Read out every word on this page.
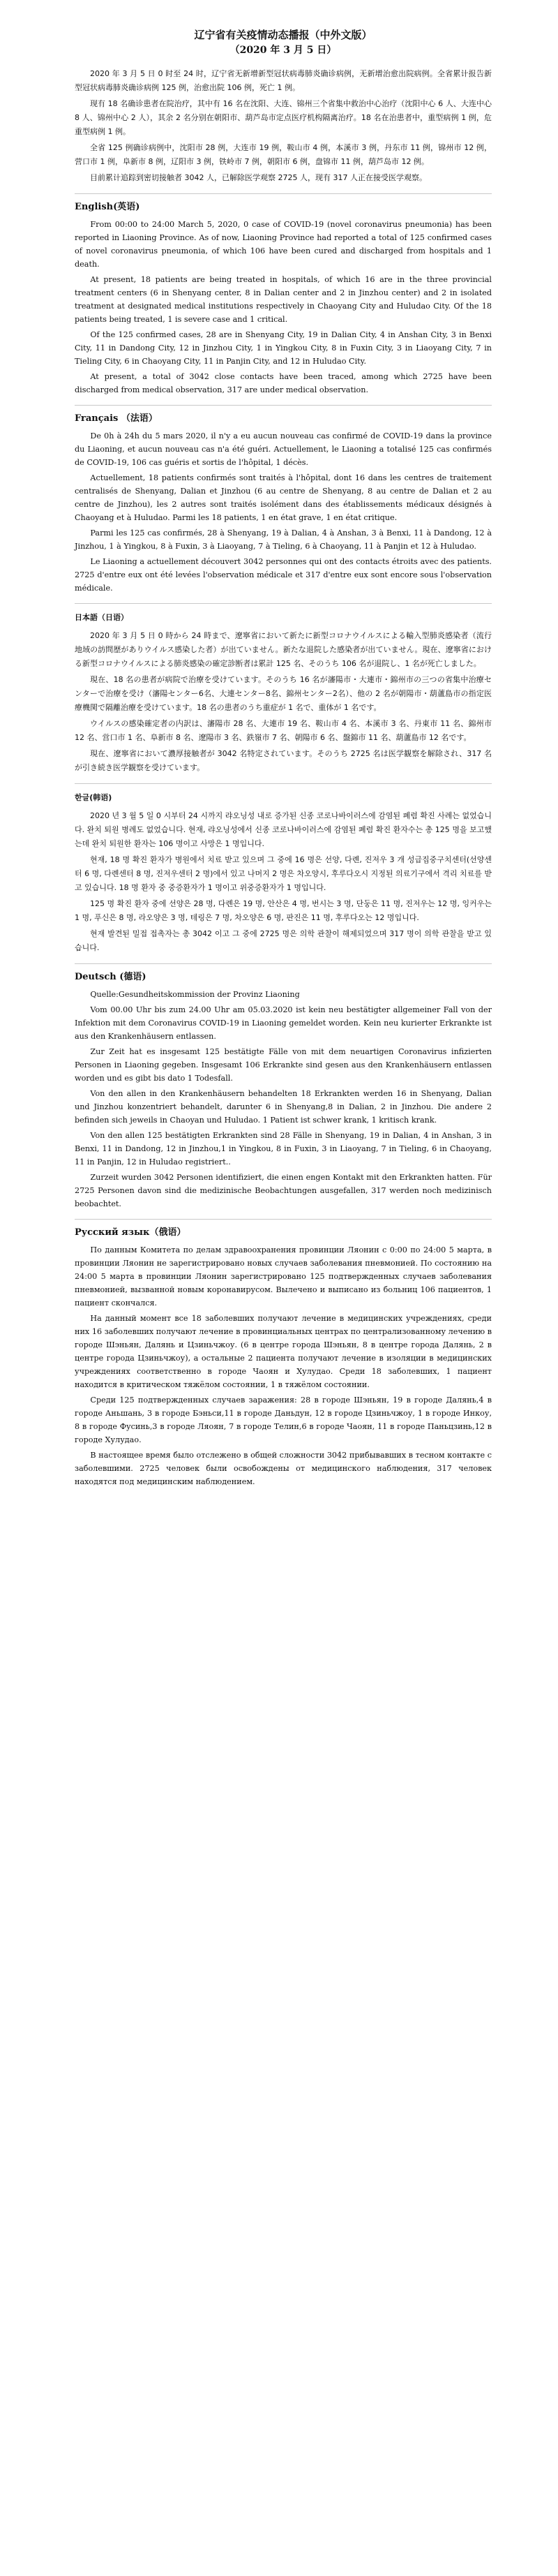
辽宁省有关疫情动态播报（中外文版）
（2020 年 3 月 5 日）

2020 年 3 月 5 日 0 时至 24 时，辽宁省无新增新型冠状病毒肺炎确诊病例，无新增治愈出院病例。全省累计报告新型冠状病毒肺炎确诊病例 125 例，治愈出院 106 例，死亡 1 例。

现有 18 名确诊患者在院治疗，其中有 16 名在沈阳、大连、锦州三个省集中救治中心治疗（沈阳中心 6 人、大连中心 8 人、锦州中心 2 人），其余 2 名分别在朝阳市、葫芦岛市定点医疗机构隔离治疗。18 名在治患者中，重型病例 1 例，危重型病例 1 例。

全省 125 例确诊病例中，沈阳市 28 例，大连市 19 例，鞍山市 4 例，本溪市 3 例，丹东市 11 例，锦州市 12 例，营口市 1 例，阜新市 8 例，辽阳市 3 例，铁岭市 7 例，朝阳市 6 例，盘锦市 11 例，葫芦岛市 12 例。

目前累计追踪到密切接触者 3042 人，已解除医学观察 2725 人，现有 317 人正在接受医学观察。

English(英语)

From 00:00 to 24:00 March 5, 2020, 0 case of COVID-19 (novel coronavirus pneumonia) has been reported in Liaoning Province. As of now, Liaoning Province had reported a total of 125 confirmed cases of novel coronavirus pneumonia, of which 106 have been cured and discharged from hospitals and 1 death.

At present, 18 patients are being treated in hospitals, of which 16 are in the three provincial treatment centers (6 in Shenyang center, 8 in Dalian center and 2 in Jinzhou center) and 2 in isolated treatment at designated medical institutions respectively in Chaoyang City and Huludao City. Of the 18 patients being treated, 1 is severe case and 1 critical.

Of the 125 confirmed cases, 28 are in Shenyang City, 19 in Dalian City, 4 in Anshan City, 3 in Benxi City, 11 in Dandong City, 12 in Jinzhou City, 1 in Yingkou City, 8 in Fuxin City, 3 in Liaoyang City, 7 in Tieling City, 6 in Chaoyang City, 11 in Panjin City, and 12 in Huludao City.

At present, a total of 3042 close contacts have been traced, among which 2725 have been discharged from medical observation, 317 are under medical observation.

Français （法语）

De 0h à 24h du 5 mars 2020, il n'y a eu aucun nouveau cas confirmé de COVID-19 dans la province du Liaoning, et aucun nouveau cas n'a été guéri. Actuellement, le Liaoning a totalisé 125 cas confirmés de COVID-19, 106 cas guéris et sortis de l'hôpital, 1 décès.

Actuellement, 18 patients confirmés sont traités à l'hôpital, dont 16 dans les centres de traitement centralisés de Shenyang, Dalian et Jinzhou (6 au centre de Shenyang, 8 au centre de Dalian et 2 au centre de Jinzhou), les 2 autres sont traités isolément dans des établissements médicaux désignés à Chaoyang et à Huludao. Parmi les 18 patients, 1 en état grave, 1 en état critique.

Parmi les 125 cas confirmés, 28 à Shenyang, 19 à Dalian, 4 à Anshan, 3 à Benxi, 11 à Dandong, 12 à Jinzhou, 1 à Yingkou, 8 à Fuxin, 3 à Liaoyang, 7 à Tieling, 6 à Chaoyang, 11 à Panjin et 12 à Huludao.

Le Liaoning a actuellement découvert 3042 personnes qui ont des contacts étroits avec des patients. 2725 d'entre eux ont été levées l'observation médicale et 317 d'entre eux sont encore sous l'observation médicale.

日本語（日语）

2020 年 3 月 5 日 0 時から 24 時まで、遼寧省において新たに新型コロナウイルスによる輸入型肺炎感染者（流行地域の訪問歴がありウイルス感染した者）が出ていません。新たな退院した感染者が出ていません。現在、遼寧省における新型コロナウイルスによる肺炎感染の確定診断者は累計 125 名、そのうち 106 名が退院し、1 名が死亡しました。

現在、18 名の患者が病院で治療を受けています。そのうち 16 名が瀋陽市・大連市・錦州市の三つの省集中治療センターで治療を受け（瀋陽センター6名、大連センター8名、錦州センター2名）、他の 2 名が朝陽市・葫蘆島市の指定医療機関で隔離治療を受けています。18 名の患者のうち重症が 1 名で、重体が 1 名です。

ウイルスの感染確定者の内訳は、瀋陽市 28 名、大連市 19 名、鞍山市 4 名、本溪市 3 名、丹東市 11 名、錦州市 12 名、営口市 1 名、阜新市 8 名、遼陽市 3 名、鉄嶺市 7 名、朝陽市 6 名、盤錦市 11 名、葫蘆島市 12 名です。

現在、遼寧省において濃厚接触者が 3042 名特定されています。そのうち 2725 名は医学観察を解除され、317 名が引き続き医学観察を受けています。

한글(韩语)

2020 년 3 월 5 일 0 시부터 24 시까지 랴오닝성 내로 증가된 신종 코로나바이러스에 감염된 폐렴 확진 사례는 없었습니다. 완치 퇴원 병례도 없었습니다. 현재, 랴오닝성에서 신종 코로나바이러스에 감염된 폐렴 확진 환자수는 총 125 명을 보고했는데 완치 퇴원한 환자는 106 명이고 사망은 1 명입니다.

현재, 18 명 확진 환자가 병원에서 치료 받고 있으며 그 중에 16 명은 선양, 다롄, 진저우 3 개 성급집중구치센터(선양센터 6 명, 다롄센터 8 명, 진저우센터 2 명)에서 있고 나머지 2 명은 차오양시, 후루다오시 지정된 의료기구에서 격리 치료를 받고 있습니다. 18 명 환자 중 중증환자가 1 명이고 위중증환자가 1 명입니다.

125 명 확진 환자 중에 선양은 28 명, 다롄은 19 명, 안산은 4 명, 번시는 3 명, 단둥은 11 명, 진저우는 12 명, 잉커우는 1 명, 푸신은 8 명, 라오양은 3 명, 테링은 7 명, 차오양은 6 명, 판진은 11 명, 후루다오는 12 명입니다.

현재 발견된 밀접 접촉자는 총 3042 이고 그 중에 2725 명은 의학 관찰이 해제되었으며 317 명이 의학 관찰을 받고 있습니다.

Deutsch (德语)

Quelle:Gesundheitskommission der Provinz Liaoning

Vom 00.00 Uhr bis zum 24.00 Uhr am 05.03.2020 ist kein neu bestätigter allgemeiner Fall von der Infektion mit dem Coronavirus COVID-19 in Liaoning gemeldet worden. Kein neu kurierter Erkrankte ist aus den Krankenhäusern entlassen.

Zur Zeit hat es insgesamt 125 bestätigte Fälle von mit dem neuartigen Coronavirus infizierten Personen in Liaoning gegeben. Insgesamt 106 Erkrankte sind gesen aus den Krankenhäusern entlassen worden und es gibt bis dato 1 Todesfall.

Von den allen in den Krankenhäusern behandelten 18 Erkrankten werden 16 in Shenyang, Dalian und Jinzhou konzentriert behandelt, darunter 6 in Shenyang,8 in Dalian, 2 in Jinzhou. Die andere 2 befinden sich jeweils in Chaoyan und Huludao. 1 Patient ist schwer krank, 1 kritisch krank.

Von den allen 125 bestätigten Erkrankten sind 28 Fälle in Shenyang, 19 in Dalian, 4 in Anshan, 3 in Benxi, 11 in Dandong, 12 in Jinzhou,1 in Yingkou, 8 in Fuxin, 3 in Liaoyang, 7 in Tieling, 6 in Chaoyang, 11 in Panjin, 12 in Huludao registriert..

Zurzeit wurden 3042 Personen identifiziert, die einen engen Kontakt mit den Erkrankten hatten. Für 2725 Personen davon sind die medizinische Beobachtungen ausgefallen, 317 werden noch medizinisch beobachtet.

Русский язык（俄语）

По данным Комитета по делам здравоохранения провинции Ляонин с 0:00 по 24:00 5 марта, в провинции Ляонин не зарегистрировано новых случаев заболевания пневмонией. По состоянию на 24:00 5 марта в провинции Ляонин зарегистрировано 125 подтвержденных случаев заболевания пневмонией, вызванной новым коронавирусом. Вылечено и выписано из больниц 106 пациентов, 1 пациент скончался.

На данный момент все 18 заболевших получают лечение в медицинских учреждениях, среди них 16 заболевших получают лечение в провинциальных центрах по централизованному лечению в городе Шэньян, Далянь и Цзиньчжоу. (6 в центре города Шэньян, 8 в центре города Далянь, 2 в центре города Цзиньчжоу), а остальные 2 пациента получают лечение в изоляции в медицинских учреждениях соответственно в городе Чаоян и Хулудао. Среди 18 заболевших, 1 пациент находится в критическом тяжёлом состоянии, 1 в тяжёлом состоянии.

Среди 125 подтвержденных случаев заражения: 28 в городе Шэньян, 19 в городе Далянь,4 в городе Аньшань, 3 в городе Бэньси,11 в городе Даньдун, 12 в городе Цзиньчжоу, 1 в городе Инкоу, 8 в городе Фусинь,3 в городе Ляоян, 7 в городе Телин,6 в городе Чаоян, 11 в городе Паньцзинь,12 в городе Хулудао.

В настоящее время было отслежено в общей сложности 3042 прибывавших в тесном контакте с заболевшими. 2725 человек были освобождены от медицинского наблюдения, 317 человек находятся под медицинским наблюдением.
